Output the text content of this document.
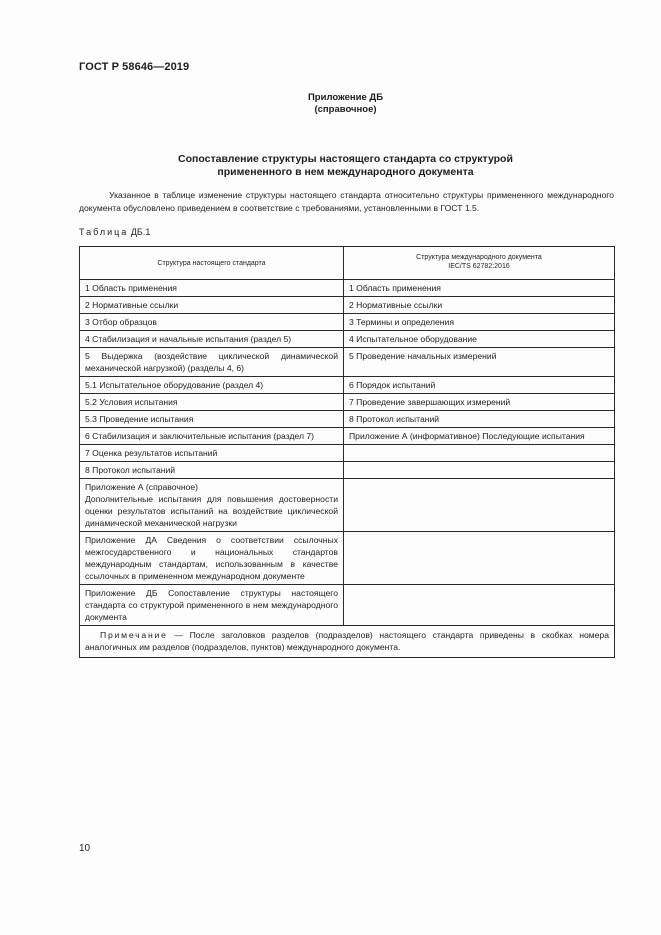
ГОСТ Р 58646—2019
Приложение ДБ
(справочное)
Сопоставление структуры настоящего стандарта со структурой
примененного в нем международного документа
Указанное в таблице изменение структуры настоящего стандарта относительно структуры примененного международного документа обусловлено приведением в соответствие с требованиями, установленными в ГОСТ 1.5.
Таблица ДБ.1
Структура настоящего стандарта	Структура международного документа
IEC/TS 62782:2016

1 Область применения	1 Область применения
2 Нормативные ссылки	2 Нормативные ссылки
3 Отбор образцов	3 Термины и определения
4 Стабилизация и начальные испытания (раздел 5)	4 Испытательное оборудование
5 Выдержка (воздействие циклической динамической механической нагрузкой) (разделы 4, 6)	5 Проведение начальных измерений
5.1 Испытательное оборудование (раздел 4)	6 Порядок испытаний
5.2 Условия испытания	7 Проведение завершающих измерений
5.3 Проведение испытания	8 Протокол испытаний
6 Стабилизация и заключительные испытания (раздел 7)	Приложение А (информативное) Последующие испытания
7 Оценка результатов испытаний	
8 Протокол испытаний	

Приложение А (справочное)
Дополнительные испытания для повышения достоверности оценки результатов испытаний на воздействие циклической динамической механической нагрузки	

Приложение ДА Сведения о соответствии ссылочных межгосударственного и национальных стандартов международным стандартам, использованным в качестве ссылочных в примененном международном документе	
Приложение ДБ Сопоставление структуры настоящего стандарта со структурой примененного в нем международного документа	
Примечание — После заголовков разделов (подразделов) настоящего стандарта приведены в скобках номера аналогичных им разделов (подразделов, пунктов) международного документа.	
10
